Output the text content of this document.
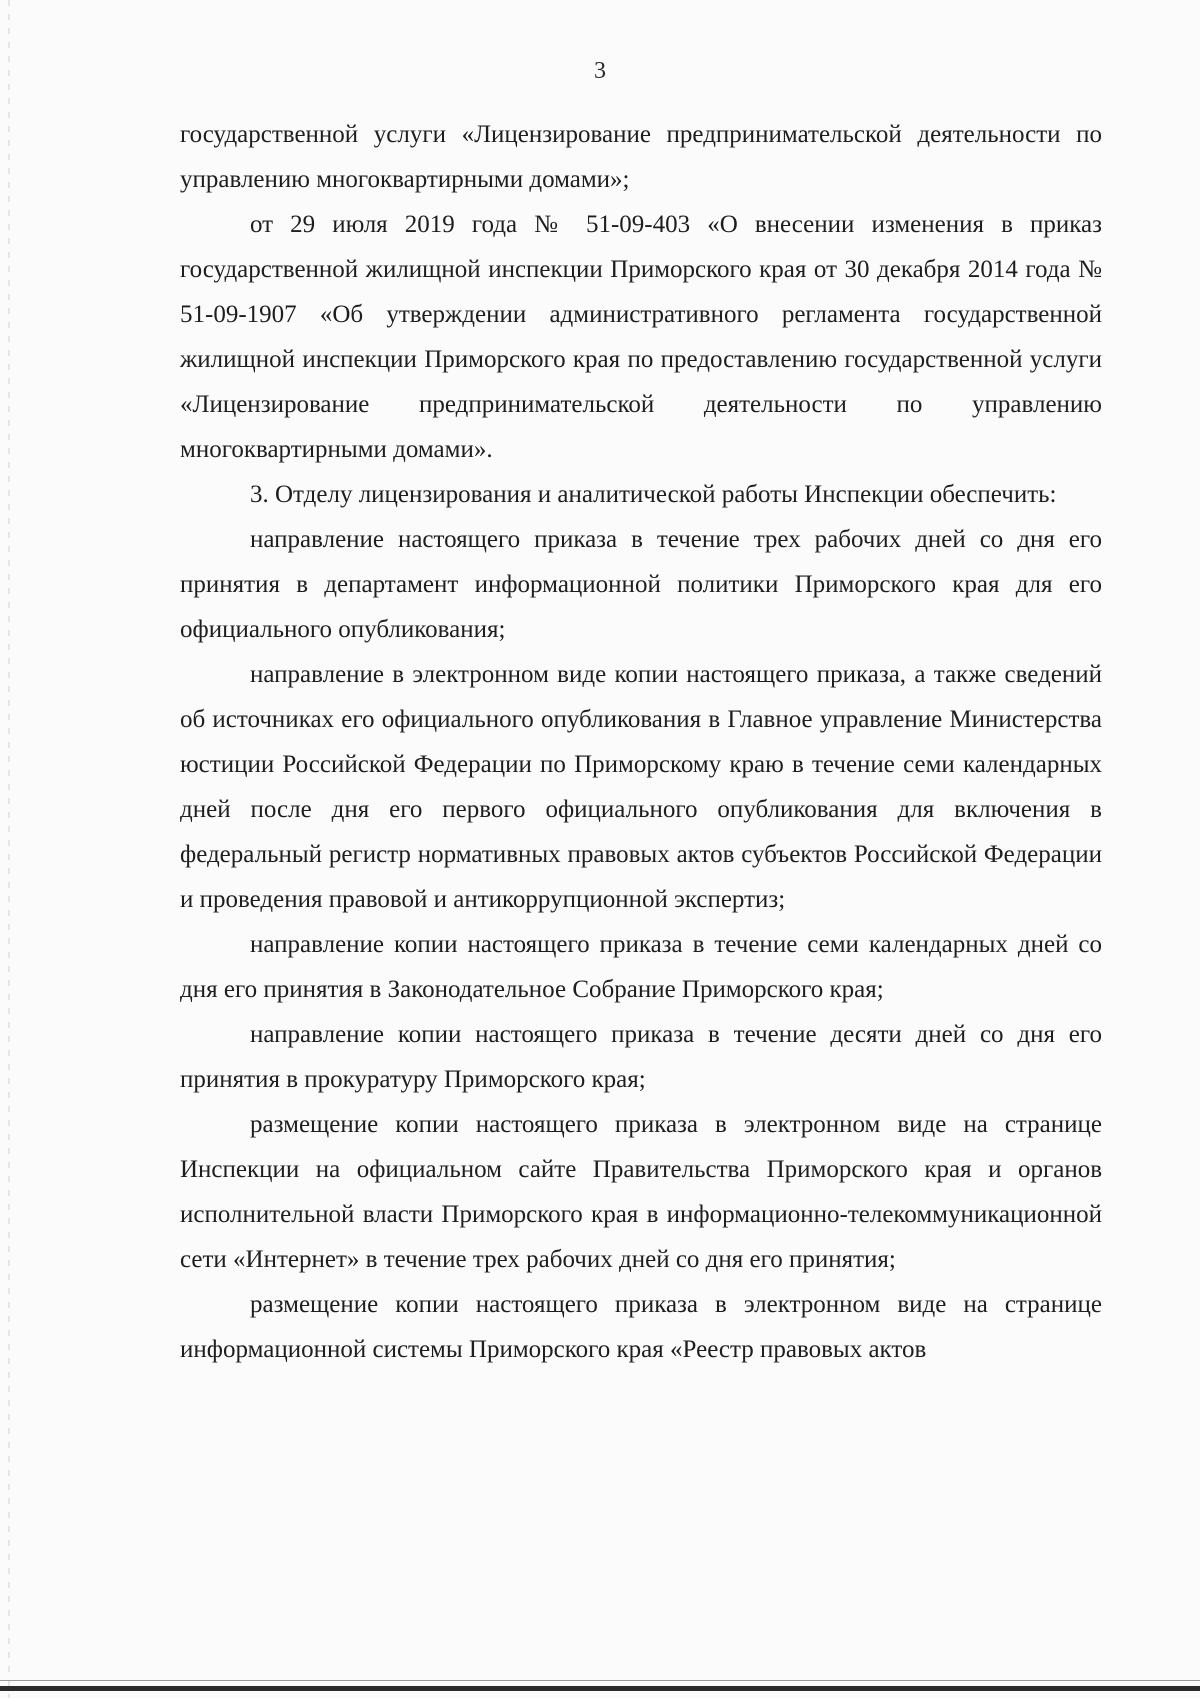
3

государственной услуги «Лицензирование предпринимательской деятельности по управлению многоквартирными домами»;

от 29 июля 2019 года № 51-09-403 «О внесении изменения в приказ государственной жилищной инспекции Приморского края от 30 декабря 2014 года № 51-09-1907 «Об утверждении административного регламента государственной жилищной инспекции Приморского края по предоставлению государственной услуги «Лицензирование предпринимательской деятельности по управлению многоквартирными домами».

3. Отделу лицензирования и аналитической работы Инспекции обеспечить:

направление настоящего приказа в течение трех рабочих дней со дня его принятия в департамент информационной политики Приморского края для его официального опубликования;

направление в электронном виде копии настоящего приказа, а также сведений об источниках его официального опубликования в Главное управление Министерства юстиции Российской Федерации по Приморскому краю в течение семи календарных дней после дня его первого официального опубликования для включения в федеральный регистр нормативных правовых актов субъектов Российской Федерации и проведения правовой и антикоррупционной экспертиз;

направление копии настоящего приказа в течение семи календарных дней со дня его принятия в Законодательное Собрание Приморского края;

направление копии настоящего приказа в течение десяти дней со дня его принятия в прокуратуру Приморского края;

размещение копии настоящего приказа в электронном виде на странице Инспекции на официальном сайте Правительства Приморского края и органов исполнительной власти Приморского края в информационно-телекоммуникационной сети «Интернет» в течение трех рабочих дней со дня его принятия;

размещение копии настоящего приказа в электронном виде на странице информационной системы Приморского края «Реестр правовых актов
